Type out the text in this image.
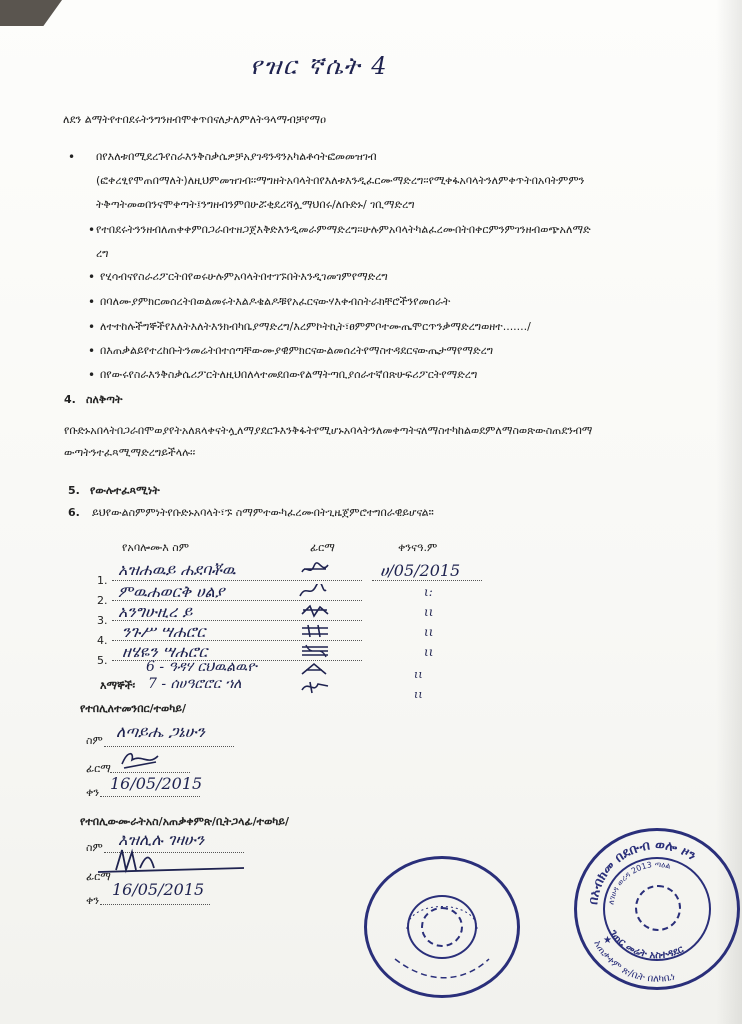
የዝር ኛሴት 4
ለደን ልማትየተበደሩትንግንዘብሞቀጥበናለታለምለትዓላማብቻየማዐ
• በየእለቱበሚደረጉየስራእንቅስቃሴዎቻአያገዳንዳንአካልቶሳትፎመመዝገብ
(ፎቀረፂየሞጠበማለት)ለዚህምመዝገብ፡፡ማግዘትአባላትበየእለቱእንዲፈርሙማድረግ፡፡የሚቀፋአባላትንለምቀጥትበአባትምምን
ትቅጣትመወበንናሞቀጣት፤ንግዘብንምበሁሯቂደረሻሏማህበሩ/ለቡድኑ/ ገቢማድረግ
• የተበደሩትንንዘብለጠቀቀምበጋራበተዘጋጀእቅድእንዲመራምማድረግ፡፡ሁሉምአባላትካልፈረሙበትበቀርምንምገንዘብወጭአለማድ
ረግ
• የሂሳብናየስራሪፖርትበየወሩሁሉምአባላትበተገኙበትእንዲገመገምየማድረግ
• በባለሙያምክርመሰረትበወልመሩትእልዶቄልዶቹየአፈርናውሃእቀብስትራክቸሮችንየመሰራት
• ለተተከሉችግኞችየእለትእለትእንክብካቤያማድረግ/እረምኮትኪት፣ፀምምቦተሙጤሞርጥንቃማድረግወዘተ......./
• በእጠቃልይየተረከቡትንመሬትበተሰጣቸውሙያዊምክርናውልመሰረትየማስተዳደርናውጤታማየማድረግ
• በየውሩየስራእንቅስቃሴሪፖርትለዚህበለላተመደበውየልማትጣቢያሰራተኛበጽሁፍሪፖርትየማድረግ
4. ስለቅጣት
የቡድኑአበላትበጋራበሞወያየትአለጸላቀናትሏለማያደርጉእንቅፋትየሚሆኑአባላትንለመቀጣትናለማስተካከልወደምለማስወጽውስጠደንብማ
ውጣትንተፈጻሚማድረግይችላሉ፡፡
5. የውሉተፈጻሚነት
6. ይህየውልስምምነትየቡድኑአባላት፣ኙ ስማምተውካፈረሙበትጊዜጀምሮተግበራዊይሆናል።
የአባሎሙእ ስም	ፊርማ	ቀንናዓ.ም
1.
አዝሐዉይ ሐደባቾዉ	ሀ/05/2015
2. ምዉሐወርቅ ሀልያ	ι:
3. አንግሁዚረ ይ	ιι
4. ንጉሥ ሣሐሮር	ιι
5. ዘሄዬን ሣሐሮር	ιι
6 - ዓዳሃ ርህዉልዉዮ	ιι
እማኞች፡ 7 - ሰሀዓሮሮር ኀለ
ιι
የተበሊለተመንበር/ተወካይ/
ስም ለጣይሔ ጋኔሁን
ፊርማ
ቀን 16/05/2015
የተበሊውሙራትአስ/አጠቃቀምጽ/ቢትጋላፊ/ተወካይ/
ስም እዝሊሉ ገዛሁን
ፊርማ
ቀን
16/05/2015
በአብክመ በደቡብ ወሎ ዞን
ለገሀዳ ወረዳ 2013 ጣዕል
ገጠር መሬት አስተዳደር
አጠቃቀም ጽ/ቤት በለካቤነ
★
